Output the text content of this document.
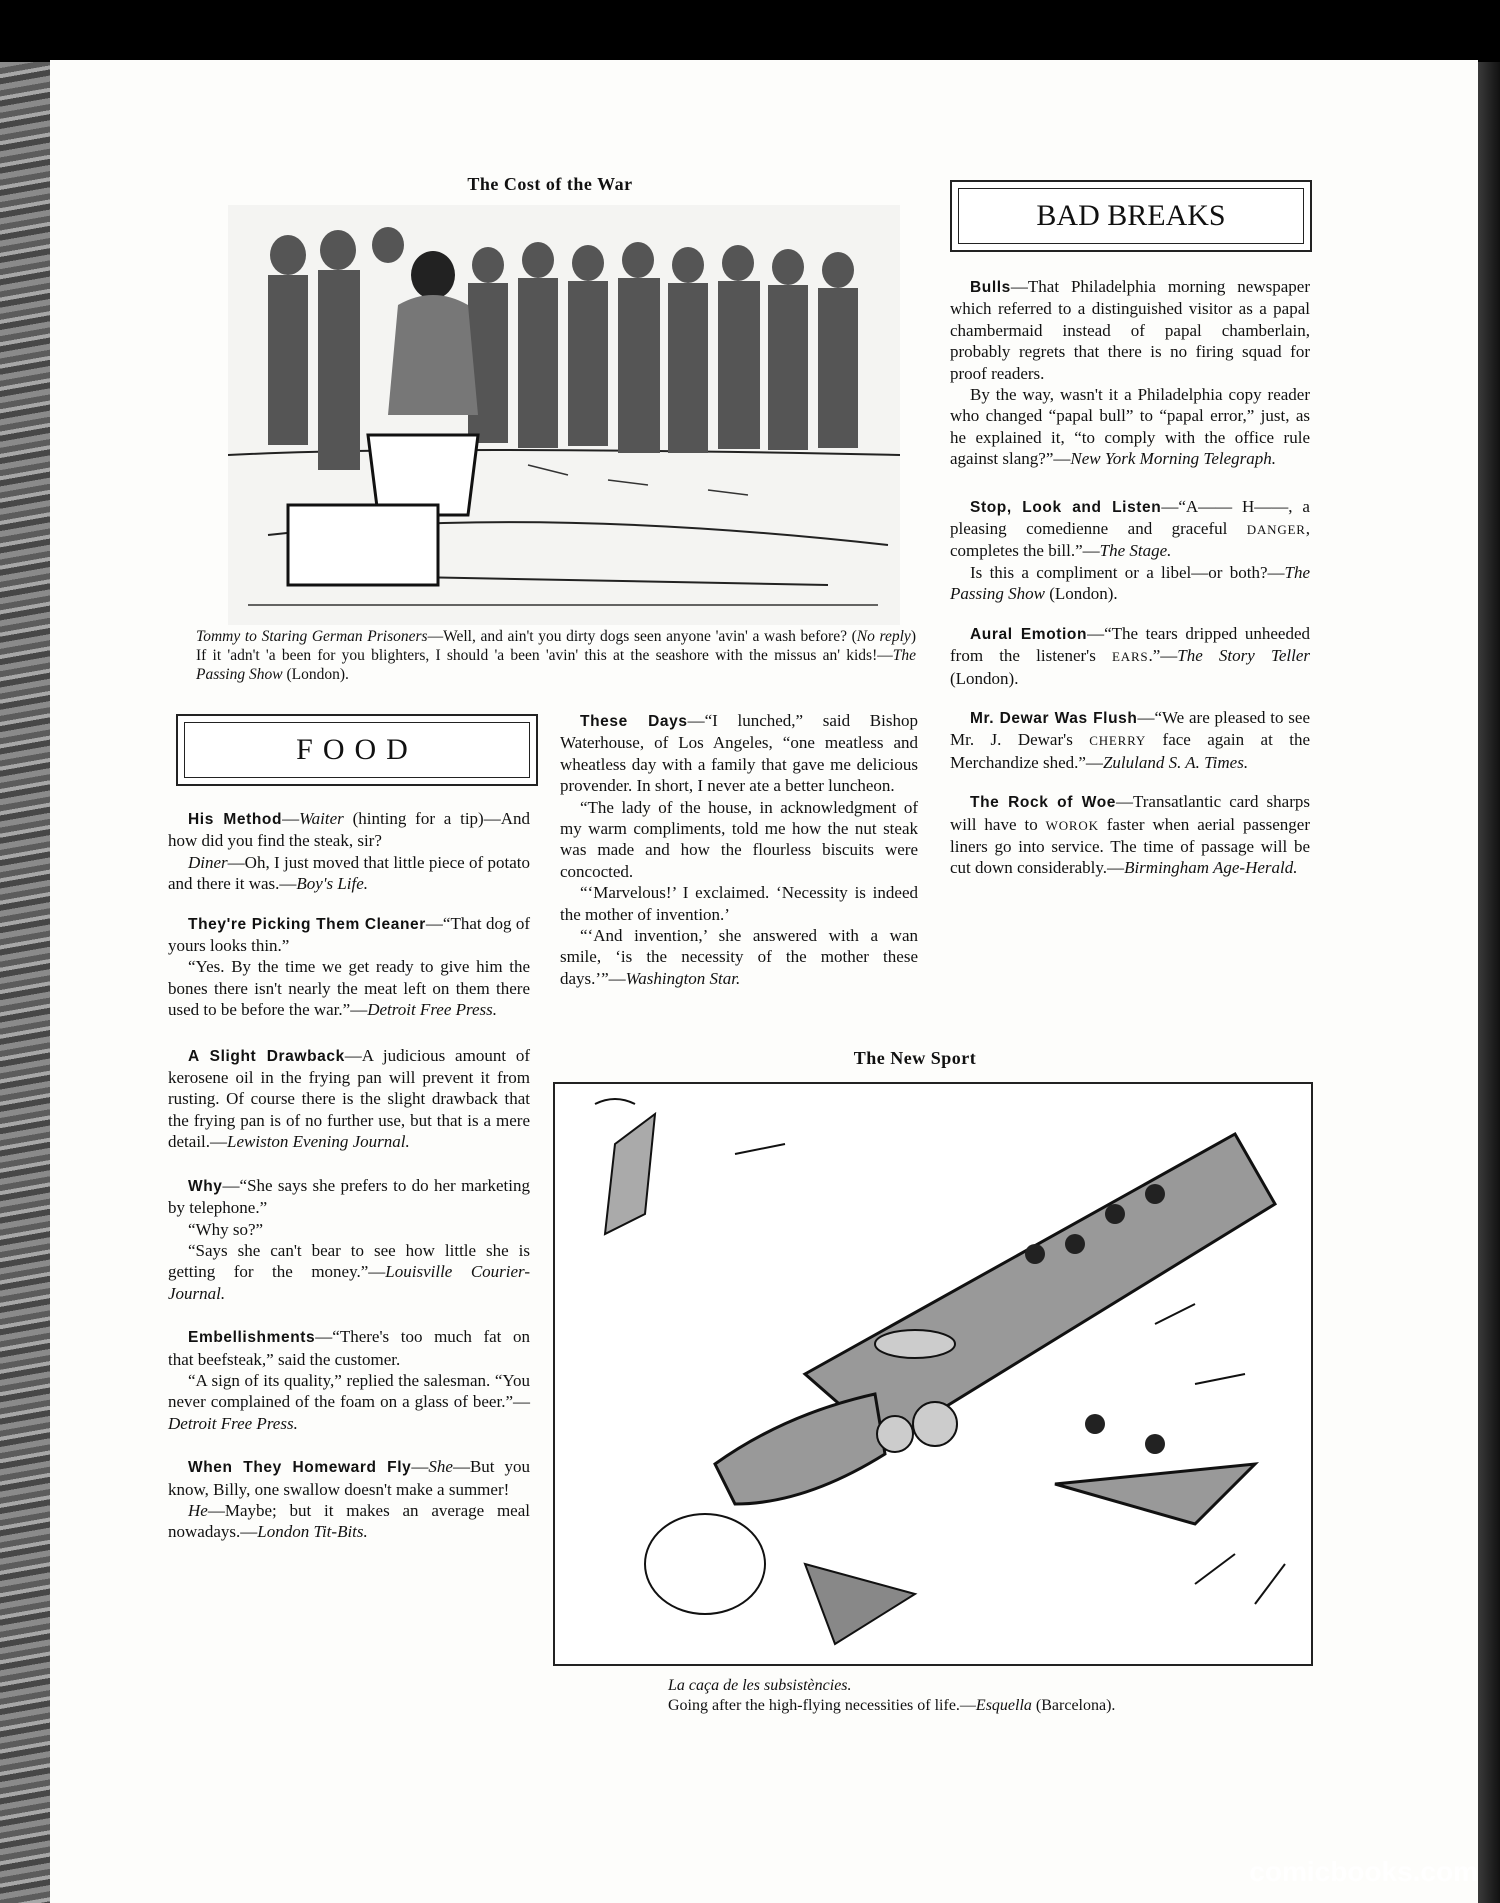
The Cost of the War
Tommy to Staring German Prisoners—Well, and ain't you dirty dogs seen anyone 'avin' a wash before? (No reply) If it 'adn't 'a been for you blighters, I should 'a been 'avin' this at the seashore with the missus an' kids!—The Passing Show (London).
BAD BREAKS

Bulls—That Philadelphia morning newspaper which referred to a distinguished visitor as a papal chambermaid instead of papal chamberlain, probably regrets that there is no firing squad for proof readers.

By the way, wasn't it a Philadelphia copy reader who changed “papal bull” to “papal error,” just, as he explained it, “to comply with the office rule against slang?”—New York Morning Telegraph.

Stop, Look and Listen—“A—— H——, a pleasing comedienne and graceful DANGER, completes the bill.”—The Stage.

Is this a compliment or a libel—or both?—The Passing Show (London).

Aural Emotion—“The tears dripped unheeded from the listener's EARS.”—The Story Teller (London).

Mr. Dewar Was Flush—“We are pleased to see Mr. J. Dewar's CHERRY face again at the Merchandize shed.”—Zululand S. A. Times.

The Rock of Woe—Transatlantic card sharps will have to WOROK faster when aerial passenger liners go into service. The time of passage will be cut down considerably.—Birmingham Age-Herald.

FOOD

His Method—Waiter (hinting for a tip)—And how did you find the steak, sir?

Diner—Oh, I just moved that little piece of potato and there it was.—Boy's Life.

They're Picking Them Cleaner—“That dog of yours looks thin.”

“Yes. By the time we get ready to give him the bones there isn't nearly the meat left on them there used to be before the war.”—Detroit Free Press.

A Slight Drawback—A judicious amount of kerosene oil in the frying pan will prevent it from rusting. Of course there is the slight drawback that the frying pan is of no further use, but that is a mere detail.—Lewiston Evening Journal.

Why—“She says she prefers to do her marketing by telephone.”

“Why so?”

“Says she can't bear to see how little she is getting for the money.”—Louisville Courier-Journal.

Embellishments—“There's too much fat on that beefsteak,” said the customer.

“A sign of its quality,” replied the salesman. “You never complained of the foam on a glass of beer.”—Detroit Free Press.

When They Homeward Fly—She—But you know, Billy, one swallow doesn't make a summer!

He—Maybe; but it makes an average meal nowadays.—London Tit-Bits.

These Days—“I lunched,” said Bishop Waterhouse, of Los Angeles, “one meatless and wheatless day with a family that gave me delicious provender. In short, I never ate a better luncheon.

“The lady of the house, in acknowledgment of my warm compliments, told me how the nut steak was made and how the flourless biscuits were concocted.

“‘Marvelous!’ I exclaimed. ‘Necessity is indeed the mother of invention.’

“‘And invention,’ she answered with a wan smile, ‘is the necessity of the mother these days.’”—Washington Star.

The New Sport
La caça de les subsistències.
Going after the high-flying necessities of life.—Esquella (Barcelona).
comicbooks.com
